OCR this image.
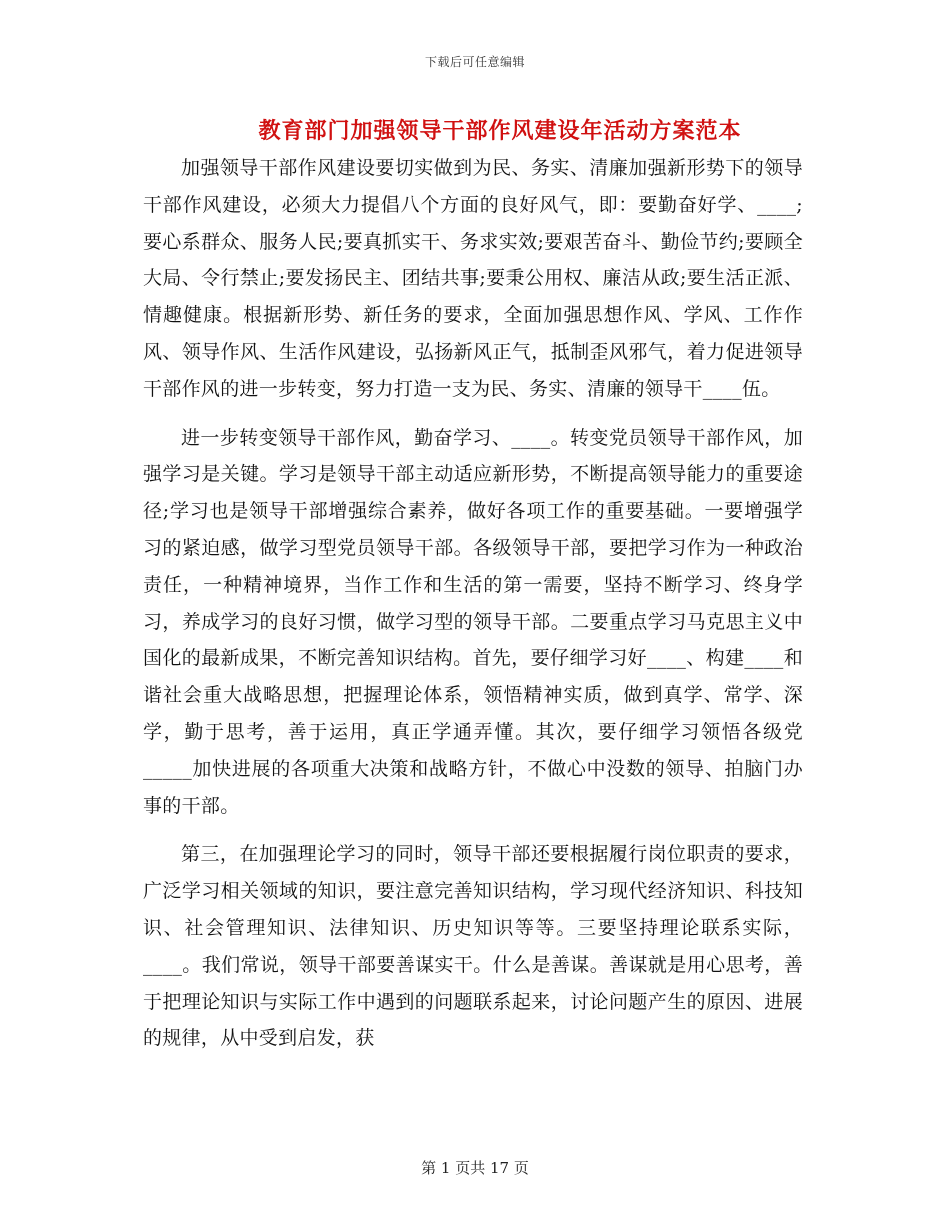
下载后可任意编辑
教育部门加强领导干部作风建设年活动方案范本

加强领导干部作风建设要切实做到为民、务实、清廉加强新形势下的领导干部作风建设，必须大力提倡八个方面的良好风气，即：要勤奋好学、____;要心系群众、服务人民;要真抓实干、务求实效;要艰苦奋斗、勤俭节约;要顾全大局、令行禁止;要发扬民主、团结共事;要秉公用权、廉洁从政;要生活正派、情趣健康。根据新形势、新任务的要求，全面加强思想作风、学风、工作作风、领导作风、生活作风建设，弘扬新风正气，抵制歪风邪气，着力促进领导干部作风的进一步转变，努力打造一支为民、务实、清廉的领导干____伍。

进一步转变领导干部作风，勤奋学习、____。转变党员领导干部作风，加强学习是关键。学习是领导干部主动适应新形势，不断提高领导能力的重要途径;学习也是领导干部增强综合素养，做好各项工作的重要基础。一要增强学习的紧迫感，做学习型党员领导干部。各级领导干部，要把学习作为一种政治责任，一种精神境界，当作工作和生活的第一需要，坚持不断学习、终身学习，养成学习的良好习惯，做学习型的领导干部。二要重点学习马克思主义中国化的最新成果，不断完善知识结构。首先，要仔细学习好____、构建____和谐社会重大战略思想，把握理论体系，领悟精神实质，做到真学、常学、深学，勤于思考，善于运用，真正学通弄懂。其次，要仔细学习领悟各级党_____加快进展的各项重大决策和战略方针，不做心中没数的领导、拍脑门办事的干部。

第三，在加强理论学习的同时，领导干部还要根据履行岗位职责的要求，广泛学习相关领域的知识，要注意完善知识结构，学习现代经济知识、科技知识、社会管理知识、法律知识、历史知识等等。三要坚持理论联系实际，____。我们常说，领导干部要善谋实干。什么是善谋。善谋就是用心思考，善于把理论知识与实际工作中遇到的问题联系起来，讨论问题产生的原因、进展的规律，从中受到启发，获

第 1 页共 17 页
